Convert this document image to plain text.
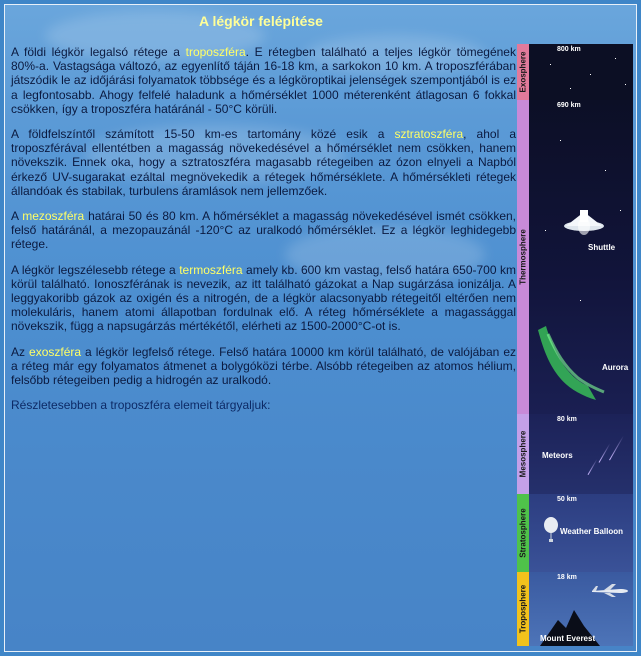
A légkör felépítése

A földi légkör legalsó rétege a troposzféra. E rétegben található a teljes légkör tömegének 80%-a. Vastagsága változó, az egyenlítő táján 16-18 km, a sarkokon 10 km. A troposzférában játszódik le az időjárási folyamatok többsége és a légköroptikai jelenségek szempontjából is ez a legfontosabb. Ahogy felfelé haladunk a hőmérséklet 1000 méterenként átlagosan 6 fokkal csökken, így a troposzféra határánál - 50°C körüli.

A földfelszíntől számított 15-50 km-es tartomány közé esik a sztratoszféra, ahol a troposzférával ellentétben a magasság növekedésével a hőmérséklet nem csökken, hanem növekszik. Ennek oka, hogy a sztratoszféra magasabb rétegeiben az ózon elnyeli a Napból érkező UV-sugarakat ezáltal megnövekedik a rétegek hőmérséklete. A hőmérsékleti rétegek állandóak és stabilak, turbulens áramlások nem jellemzőek.

A mezoszféra határai 50 és 80 km. A hőmérséklet a magasság növekedésével ismét csökken, felső határánál, a mezopauzánál -120°C az uralkodó hőmérséklet. Ez a légkör leghidegebb rétege.

A légkör legszélesebb rétege a termoszféra amely kb. 600 km vastag, felső határa 650-700 km körül található. Ionoszférának is nevezik, az itt található gázokat a Nap sugárzása ionizálja. A leggyakoribb gázok az oxigén és a nitrogén, de a légkör alacsonyabb rétegeitől eltérően nem molekuláris, hanem atomi állapotban fordulnak elő. A réteg hőmérséklete a magassággal növekszik, függ a napsugárzás mértékétől, elérheti az 1500-2000°C-ot is.

Az exoszféra a légkör legfelső rétege. Felső határa 10000 km körül található, de valójában ez a réteg már egy folyamatos átmenet a bolygóközi térbe. Alsóbb rétegeiben az atomos hélium, felsőbb rétegeiben pedig a hidrogén az uralkodó.

Részletesebben a troposzféra elemeit tárgyaljuk:

Exosphere
800 km
Thermosphere
690 km
Shuttle
Aurora
Mesosphere
80 km
Meteors
Stratosphere
50 km
Weather Balloon
Troposphere
18 km
Mount Everest
